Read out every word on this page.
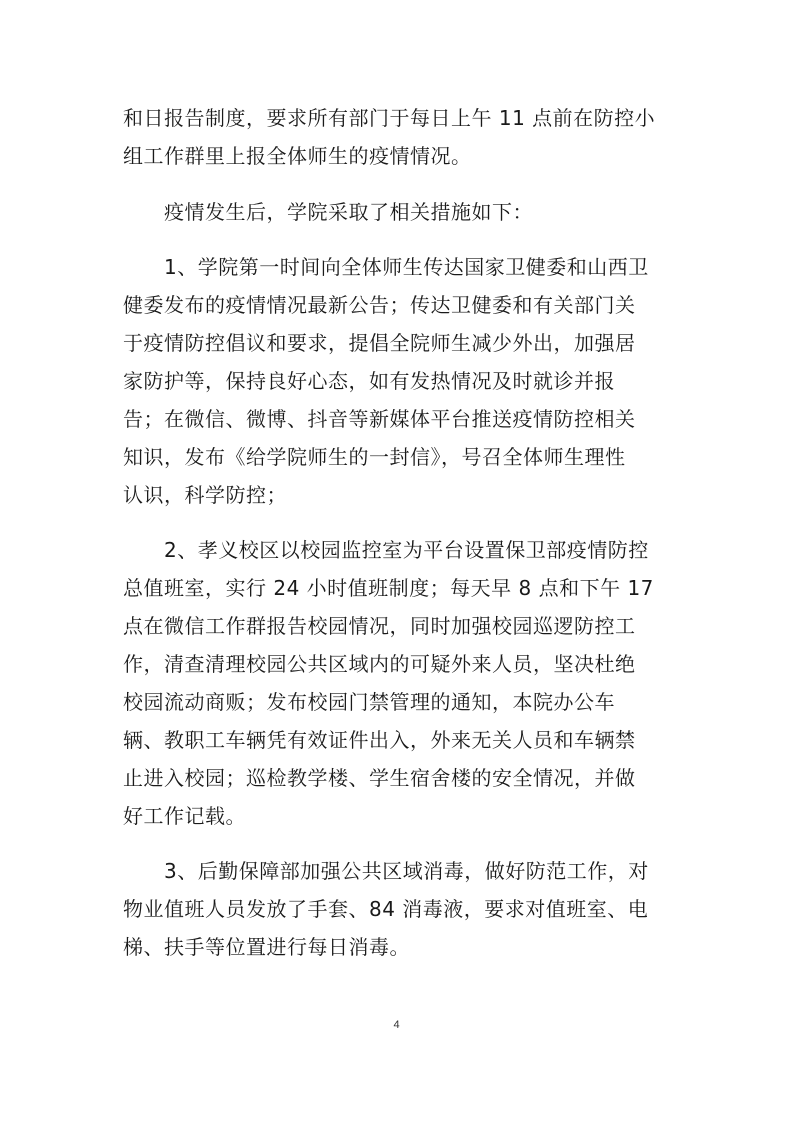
和日报告制度，要求所有部门于每日上午 11 点前在防控小
组工作群里上报全体师生的疫情情况。
疫情发生后，学院采取了相关措施如下：
1、学院第一时间向全体师生传达国家卫健委和山西卫
健委发布的疫情情况最新公告；传达卫健委和有关部门关
于疫情防控倡议和要求，提倡全院师生减少外出，加强居
家防护等，保持良好心态，如有发热情况及时就诊并报
告；在微信、微博、抖音等新媒体平台推送疫情防控相关
知识，发布《给学院师生的一封信》，号召全体师生理性
认识，科学防控；
2、孝义校区以校园监控室为平台设置保卫部疫情防控
总值班室，实行 24 小时值班制度；每天早 8 点和下午 17
点在微信工作群报告校园情况，同时加强校园巡逻防控工
作，清查清理校园公共区域内的可疑外来人员，坚决杜绝
校园流动商贩；发布校园门禁管理的通知，本院办公车
辆、教职工车辆凭有效证件出入，外来无关人员和车辆禁
止进入校园；巡检教学楼、学生宿舍楼的安全情况，并做
好工作记载。
3、后勤保障部加强公共区域消毒，做好防范工作，对
物业值班人员发放了手套、84 消毒液，要求对值班室、电
梯、扶手等位置进行每日消毒。
4
